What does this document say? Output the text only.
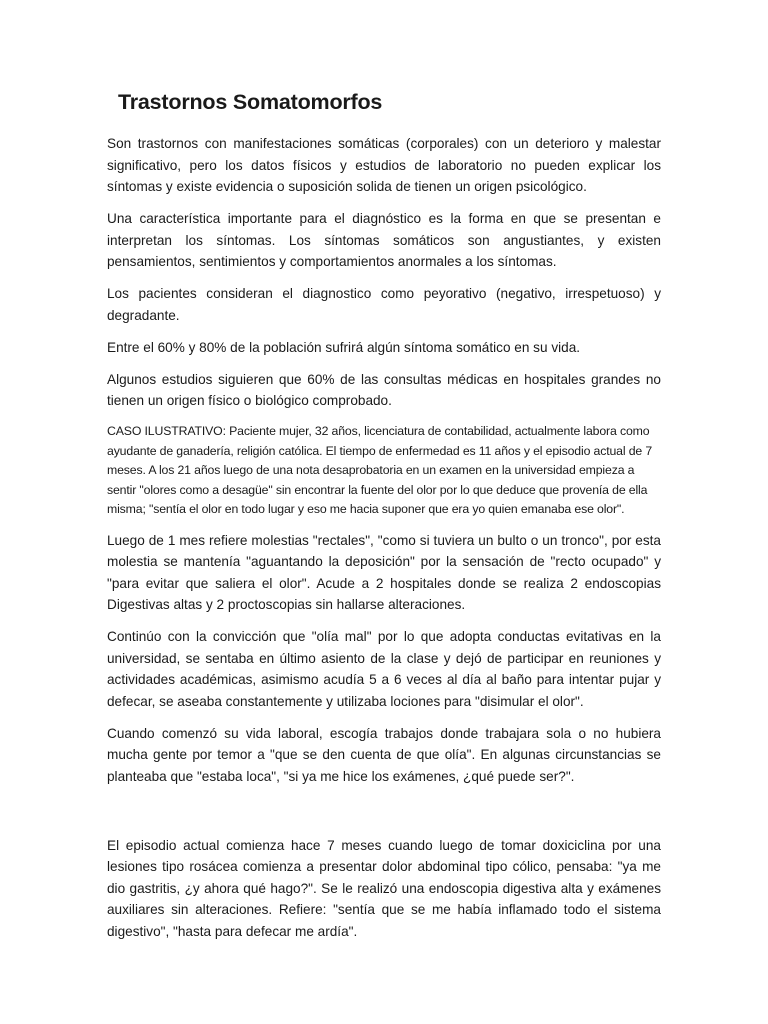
Trastornos Somatomorfos

Son trastornos con manifestaciones somáticas (corporales) con un deterioro y malestar significativo, pero los datos físicos y estudios de laboratorio no pueden explicar los síntomas y existe evidencia o suposición solida de tienen un origen psicológico.

Una característica importante para el diagnóstico es la forma en que se presentan e interpretan los síntomas. Los síntomas somáticos son angustiantes, y existen pensamientos, sentimientos y comportamientos anormales a los síntomas.

Los pacientes consideran el diagnostico como peyorativo (negativo, irrespetuoso) y degradante.

Entre el 60% y 80% de la población sufrirá algún síntoma somático en su vida.

Algunos estudios siguieren que 60% de las consultas médicas en hospitales grandes no tienen un origen físico o biológico comprobado.

CASO ILUSTRATIVO: Paciente mujer, 32 años, licenciatura de contabilidad, actualmente labora como ayudante de ganadería, religión católica. El tiempo de enfermedad es 11 años y el episodio actual de 7 meses. A los 21 años luego de una nota desaprobatoria en un examen en la universidad empieza a sentir "olores como a desagüe" sin encontrar la fuente del olor por lo que deduce que provenía de ella misma; "sentía el olor en todo lugar y eso me hacia suponer que era yo quien emanaba ese olor".

Luego de 1 mes refiere molestias "rectales", "como si tuviera un bulto o un tronco", por esta molestia se mantenía "aguantando la deposición" por la sensación de "recto ocupado" y "para evitar que saliera el olor". Acude a 2 hospitales donde se realiza 2 endoscopias Digestivas altas y 2 proctoscopias sin hallarse alteraciones.

Continúo con la convicción que "olía mal" por lo que adopta conductas evitativas en la universidad, se sentaba en último asiento de la clase y dejó de participar en reuniones y actividades académicas, asimismo acudía 5 a 6 veces al día al baño para intentar pujar y defecar, se aseaba constantemente y utilizaba lociones para "disimular el olor".

Cuando comenzó su vida laboral, escogía trabajos donde trabajara sola o no hubiera mucha gente por temor a "que se den cuenta de que olía". En algunas circunstancias se planteaba que "estaba loca", "si ya me hice los exámenes, ¿qué puede ser?".

El episodio actual comienza hace 7 meses cuando luego de tomar doxiciclina por una lesiones tipo rosácea comienza a presentar dolor abdominal tipo cólico, pensaba: "ya me dio gastritis, ¿y ahora qué hago?". Se le realizó una endoscopia digestiva alta y exámenes auxiliares sin alteraciones. Refiere: "sentía que se me había inflamado todo el sistema digestivo", "hasta para defecar me ardía".
